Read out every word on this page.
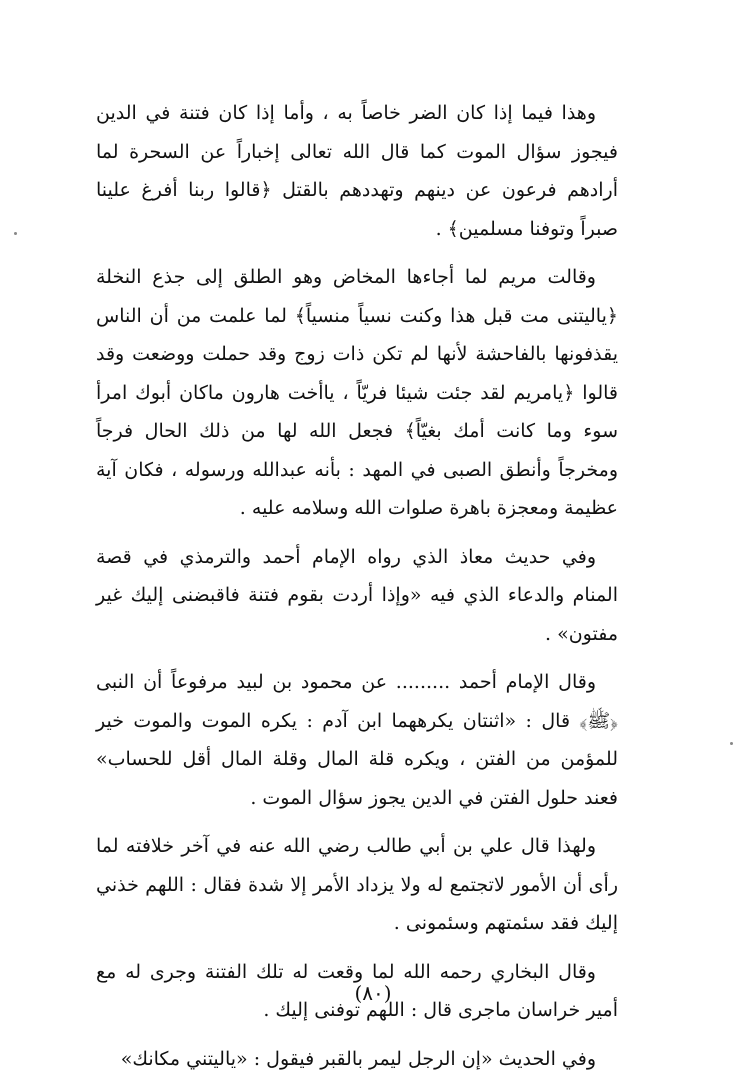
وهذا فيما إذا كان الضر خاصاً به ، وأما إذا كان فتنة في الدين فيجوز سؤال الموت كما قال الله تعالى إخباراً عن السحرة لما أرادهم فرعون عن دينهم وتهددهم بالقتل ﴿قالوا ربنا أفرغ علينا صبراً وتوفنا مسلمين﴾ .

وقالت مريم لما أجاءها المخاض وهو الطلق إلى جذع النخلة ﴿ياليتنى مت قبل هذا وكنت نسياً منسياً﴾ لما علمت من أن الناس يقذفونها بالفاحشة لأنها لم تكن ذات زوج وقد حملت ووضعت وقد قالوا ﴿يامريم لقد جئت شيئا فريّاً ، ياأخت هارون ماكان أبوك امرأ سوء وما كانت أمك بغيّاً﴾ فجعل الله لها من ذلك الحال فرجاً ومخرجاً وأنطق الصبى في المهد : بأنه عبدالله ورسوله ، فكان آية عظيمة ومعجزة باهرة صلوات الله وسلامه عليه .

وفي حديث معاذ الذي رواه الإمام أحمد والترمذي في قصة المنام والدعاء الذي فيه «وإذا أردت بقوم فتنة فاقبضنى إليك غير مفتون» .

وقال الإمام أحمد ......... عن محمود بن لبيد مرفوعاً أن النبى ﴿ﷺ﴾ قال : «اثنتان يكرههما ابن آدم : يكره الموت والموت خير للمؤمن من الفتن ، ويكره قلة المال وقلة المال أقل للحساب» فعند حلول الفتن في الدين يجوز سؤال الموت .

ولهذا قال علي بن أبي طالب رضي الله عنه في آخر خلافته لما رأى أن الأمور لاتجتمع له ولا يزداد الأمر إلا شدة فقال : اللهم خذني إليك فقد سئمتهم وسئمونى .

وقال البخاري رحمه الله لما وقعت له تلك الفتنة وجرى له مع أمير خراسان ماجرى قال : اللهم توفنى إليك .

وفي الحديث «إن الرجل ليمر بالقبر فيقول : «ياليتني مكانك»

(٨٠)
